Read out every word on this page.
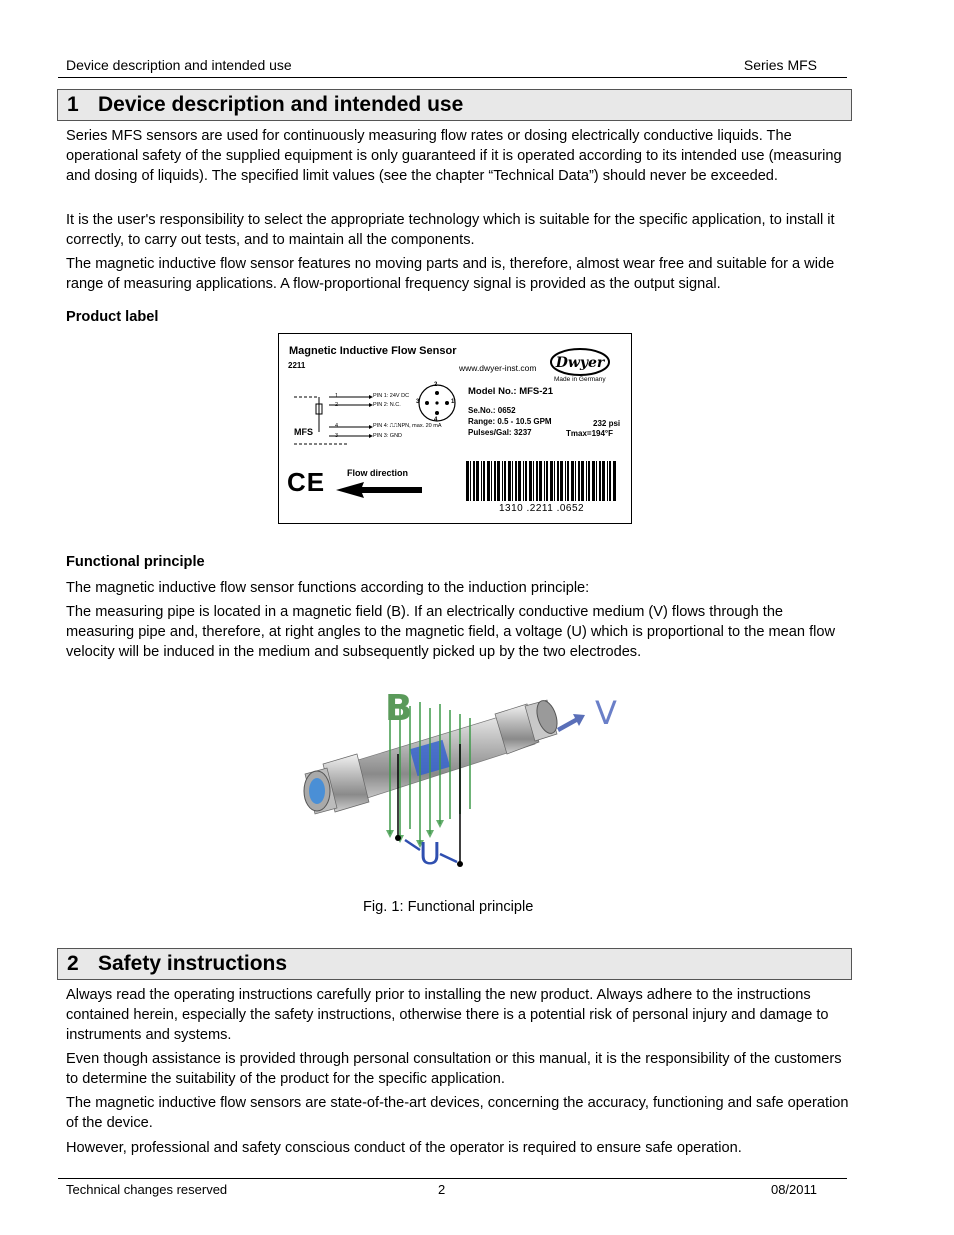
Device description and intended use	Series MFS
1 Device description and intended use

Series MFS sensors are used for continuously measuring flow rates or dosing electrically conductive liquids. The operational safety of the supplied equipment is only guaranteed if it is operated according to its intended use (measuring and dosing of liquids). The specified limit values (see the chapter “Technical Data”) should never be exceeded.

It is the user's responsibility to select the appropriate technology which is suitable for the specific application, to install it correctly, to carry out tests, and to maintain all the components.

The magnetic inductive flow sensor features no moving parts and is, therefore, almost wear free and suitable for a wide range of measuring applications. A flow-proportional frequency signal is provided as the output signal.

Product label
Magnetic Inductive Flow Sensor
2211	www.dwyer-inst.com Dwyer
Made in Germany
1
2
4
3
PIN 1: 24V DC
PIN 2: N.C.
PIN 4: ⎍⎍NPN, max. 20 mA
PIN 3: GND
MFS
2
3
4
1
Model No.: MFS-21
Se.No.: 0652
Range: 0.5 - 10.5 GPM
Pulses/Gal: 3237
232 psi
Tmax=194°F
CE Flow direction
1310 .2211 .0652
Functional principle

The magnetic inductive flow sensor functions according to the induction principle:

The measuring pipe is located in a magnetic field (B). If an electrically conductive medium (V) flows through the measuring pipe and, therefore, at right angles to the magnetic field, a voltage (U) which is proportional to the mean flow velocity will be induced in the medium and subsequently picked up by the two electrodes.

B	V
U
Fig. 1: Functional principle
2 Safety instructions

Always read the operating instructions carefully prior to installing the new product. Always adhere to the instructions contained herein, especially the safety instructions, otherwise there is a potential risk of personal injury and damage to instruments and systems.

Even though assistance is provided through personal consultation or this manual, it is the responsibility of the customers to determine the suitability of the product for the specific application.

The magnetic inductive flow sensors are state-of-the-art devices, concerning the accuracy, functioning and safe operation of the device.

However, professional and safety conscious conduct of the operator is required to ensure safe operation.

Technical changes reserved	2	08/2011
